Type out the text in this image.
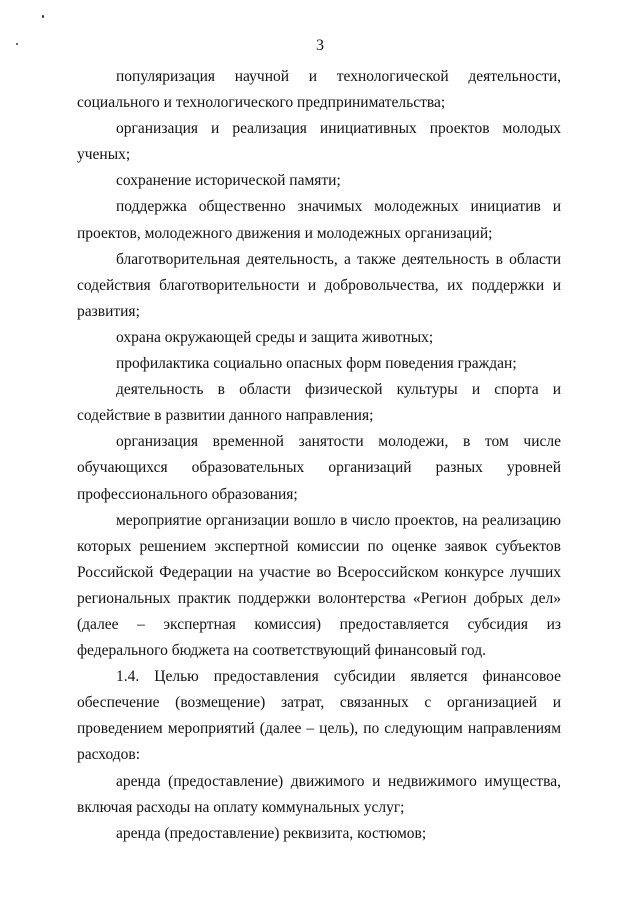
3

популяризация научной и технологической деятельности, социального и технологического предпринимательства;

организация и реализация инициативных проектов молодых ученых;

сохранение исторической памяти;

поддержка общественно значимых молодежных инициатив и проектов, молодежного движения и молодежных организаций;

благотворительная деятельность, а также деятельность в области содействия благотворительности и добровольчества, их поддержки и развития;

охрана окружающей среды и защита животных;

профилактика социально опасных форм поведения граждан;

деятельность в области физической культуры и спорта и содействие в развитии данного направления;

организация временной занятости молодежи, в том числе обучающихся образовательных организаций разных уровней профессионального образования;

мероприятие организации вошло в число проектов, на реализацию которых решением экспертной комиссии по оценке заявок субъектов Российской Федерации на участие во Всероссийском конкурсе лучших региональных практик поддержки волонтерства «Регион добрых дел» (далее – экспертная комиссия) предоставляется субсидия из федерального бюджета на соответствующий финансовый год.

1.4. Целью предоставления субсидии является финансовое обеспечение (возмещение) затрат, связанных с организацией и проведением мероприятий (далее – цель), по следующим направлениям расходов:

аренда (предоставление) движимого и недвижимого имущества, включая расходы на оплату коммунальных услуг;

аренда (предоставление) реквизита, костюмов;
